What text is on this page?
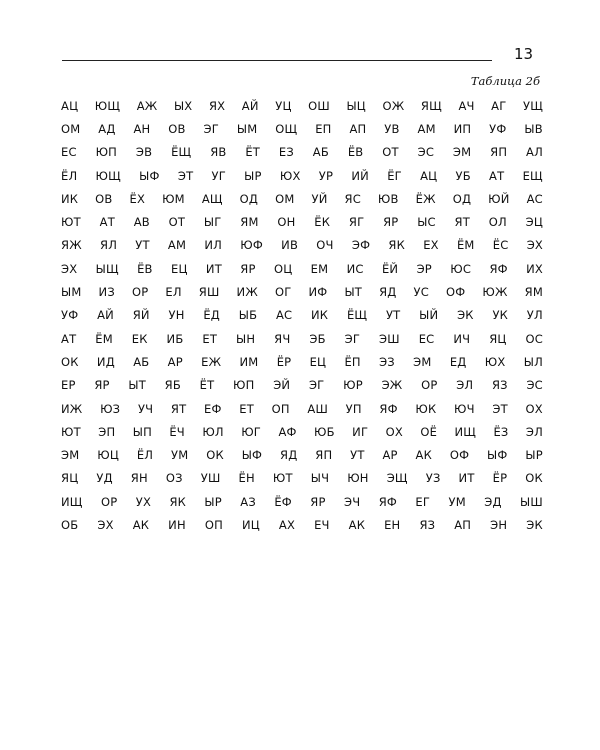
13
Таблица 2б
АЦ ЮЩ АЖ ЫХ ЯХ АЙ УЦ ОШ ЫЦ ОЖ ЯЩ АЧ АГ УЩ
ОМ АД АН ОВ ЭГ ЫМ ОЩ ЕП АП УВ АМ ИП УФ ЫВ
ЕС ЮП ЭВ ЁЩ ЯВ ЁТ ЕЗ АБ ЁВ ОТ ЭС ЭМ ЯП АЛ
ЁЛ ЮЩ ЫФ ЭТ УГ ЫР ЮХ УР ИЙ ЁГ АЦ УБ АТ ЕЩ
ИК ОВ ЁХ ЮМ АЩ ОД ОМ УЙ ЯС ЮВ ЁЖ ОД ЮЙ АС
ЮТ АТ АВ ОТ ЫГ ЯМ ОН ЁК ЯГ ЯР ЫС ЯТ ОЛ ЭЦ
ЯЖ ЯЛ УТ АМ ИЛ ЮФ ИВ ОЧ ЭФ ЯК ЕХ ЁМ ЁС ЭХ
ЭХ ЫЩ ЁВ ЕЦ ИТ ЯР ОЦ ЕМ ИС ЁЙ ЭР ЮС ЯФ ИХ
ЫМ ИЗ ОР ЕЛ ЯШ ИЖ ОГ ИФ ЫТ ЯД УС ОФ ЮЖ ЯМ
УФ АЙ ЯЙ УН ЁД ЫБ АС ИК ЁЩ УТ ЫЙ ЭК УК УЛ
АТ ЁМ ЕК ИБ ЕТ ЫН ЯЧ ЭБ ЭГ ЭШ ЕС ИЧ ЯЦ ОС
ОК ИД АБ АР ЕЖ ИМ ЁР ЕЦ ЁП ЭЗ ЭМ ЕД ЮХ ЫЛ
ЕР ЯР ЫТ ЯБ ЁТ ЮП ЭЙ ЭГ ЮР ЭЖ ОР ЭЛ ЯЗ ЭС
ИЖ ЮЗ УЧ ЯТ ЕФ ЕТ ОП АШ УП ЯФ ЮК ЮЧ ЭТ ОХ
ЮТ ЭП ЫП ЁЧ ЮЛ ЮГ АФ ЮБ ИГ ОХ ОЁ ИЩ ЁЗ ЭЛ
ЭМ ЮЦ ЁЛ УМ ОК ЫФ ЯД ЯП УТ АР АК ОФ ЫФ ЫР
ЯЦ УД ЯН ОЗ УШ ЁН ЮТ ЫЧ ЮН ЭЩ УЗ ИТ ЁР ОК
ИЩ ОР УХ ЯК ЫР АЗ ЁФ ЯР ЭЧ ЯФ ЕГ УМ ЭД ЫШ
ОБ ЭХ АК ИН ОП ИЦ АХ ЕЧ АК ЕН ЯЗ АП ЭН ЭК
